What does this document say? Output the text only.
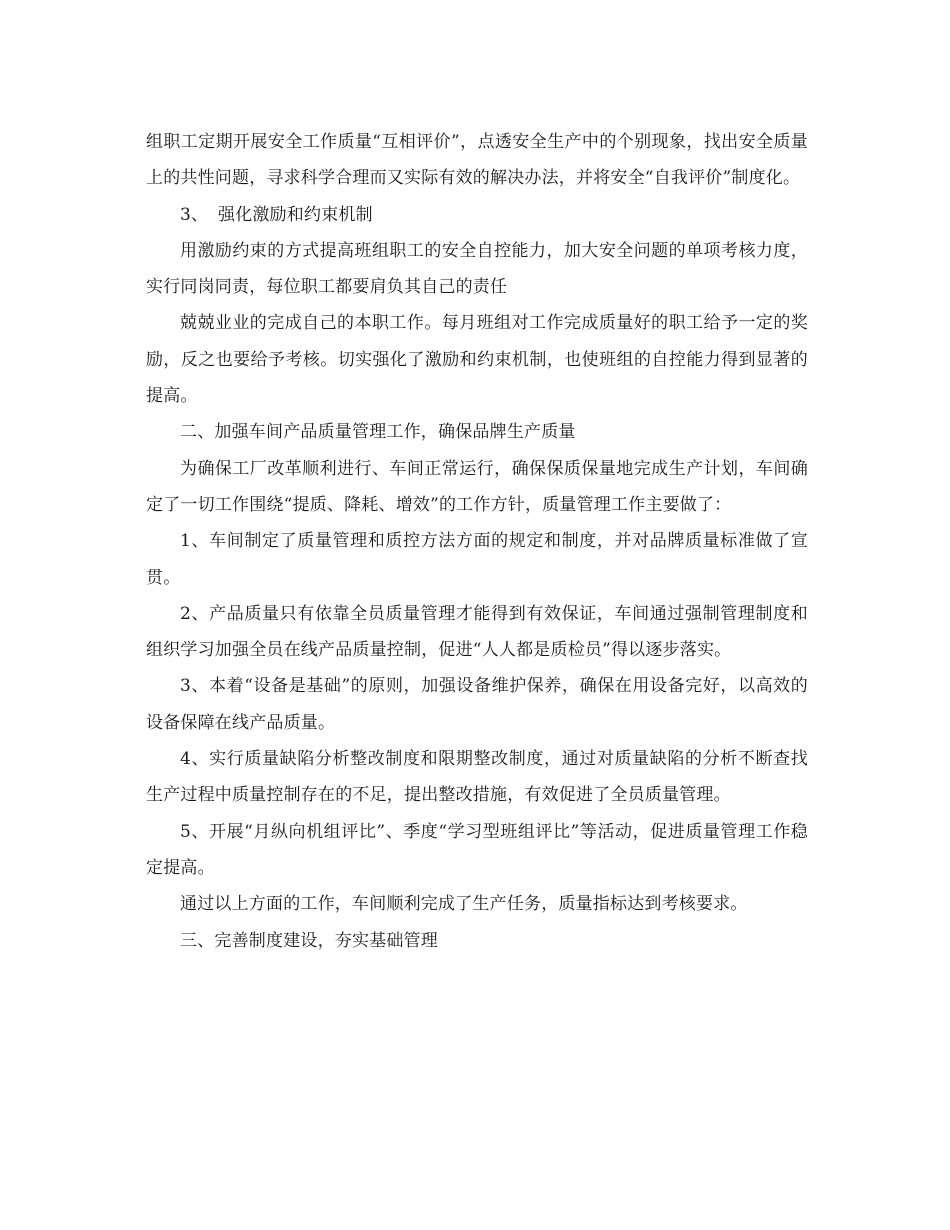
组职工定期开展安全工作质量“互相评价”，点透安全生产中的个别现象，找出安全质量上的共性问题，寻求科学合理而又实际有效的解决办法，并将安全“自我评价”制度化。

3、 强化激励和约束机制

用激励约束的方式提高班组职工的安全自控能力，加大安全问题的单项考核力度，实行同岗同责，每位职工都要肩负其自己的责任

兢兢业业的完成自己的本职工作。每月班组对工作完成质量好的职工给予一定的奖励，反之也要给予考核。切实强化了激励和约束机制，也使班组的自控能力得到显著的提高。

二、加强车间产品质量管理工作，确保品牌生产质量

为确保工厂改革顺利进行、车间正常运行，确保保质保量地完成生产计划，车间确定了一切工作围绕“提质、降耗、增效”的工作方针，质量管理工作主要做了：

1、车间制定了质量管理和质控方法方面的规定和制度，并对品牌质量标准做了宣贯。

2、产品质量只有依靠全员质量管理才能得到有效保证，车间通过强制管理制度和组织学习加强全员在线产品质量控制，促进“人人都是质检员”得以逐步落实。

3、本着“设备是基础”的原则，加强设备维护保养，确保在用设备完好，以高效的设备保障在线产品质量。

4、实行质量缺陷分析整改制度和限期整改制度，通过对质量缺陷的分析不断查找生产过程中质量控制存在的不足，提出整改措施，有效促进了全员质量管理。

5、开展“月纵向机组评比”、季度“学习型班组评比”等活动，促进质量管理工作稳定提高。

通过以上方面的工作，车间顺利完成了生产任务，质量指标达到考核要求。

三、完善制度建设，夯实基础管理
